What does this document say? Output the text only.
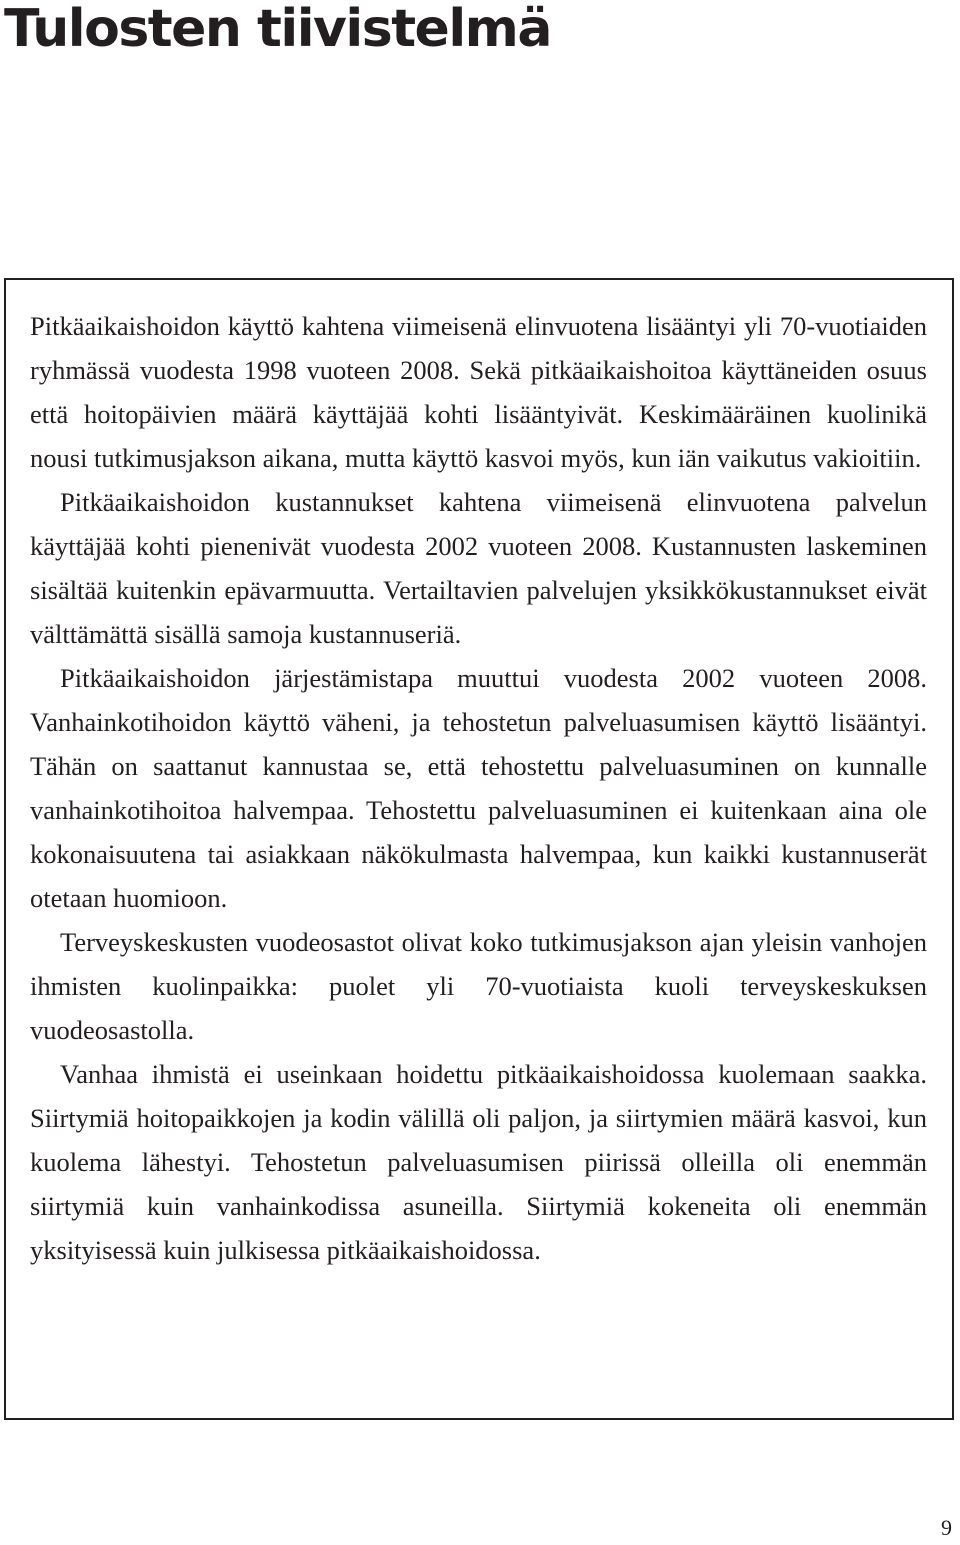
Tulosten tiivistelmä

Pitkäaikaishoidon käyttö kahtena viimeisenä elinvuotena lisääntyi yli 70-vuotiaiden ryhmässä vuodesta 1998 vuoteen 2008. Sekä pitkäaikaishoitoa käyttäneiden osuus että hoitopäivien määrä käyttäjää kohti lisääntyivät. Keskimääräinen kuolinikä nousi tutkimusjakson aikana, mutta käyttö kasvoi myös, kun iän vaikutus vakioitiin.

Pitkäaikaishoidon kustannukset kahtena viimeisenä elinvuotena palvelun käyttäjää kohti pienenivät vuodesta 2002 vuoteen 2008. Kustannusten laskeminen sisältää kuitenkin epävarmuutta. Vertailtavien palvelujen yksikkökustannukset eivät välttämättä sisällä samoja kustannuseriä.

Pitkäaikaishoidon järjestämistapa muuttui vuodesta 2002 vuoteen 2008. Vanhainkotihoidon käyttö väheni, ja tehostetun palveluasumisen käyttö lisääntyi. Tähän on saattanut kannustaa se, että tehostettu palveluasuminen on kunnalle vanhainkotihoitoa halvempaa. Tehostettu palveluasuminen ei kuitenkaan aina ole kokonaisuutena tai asiakkaan näkökulmasta halvempaa, kun kaikki kustannuserät otetaan huomioon.

Terveyskeskusten vuodeosastot olivat koko tutkimusjakson ajan yleisin vanhojen ihmisten kuolinpaikka: puolet yli 70-vuotiaista kuoli terveyskeskuksen vuodeosastolla.

Vanhaa ihmistä ei useinkaan hoidettu pitkäaikaishoidossa kuolemaan saakka. Siirtymiä hoitopaikkojen ja kodin välillä oli paljon, ja siirtymien määrä kasvoi, kun kuolema lähestyi. Tehostetun palveluasumisen piirissä olleilla oli enemmän siirtymiä kuin vanhainkodissa asuneilla. Siirtymiä kokeneita oli enemmän yksityisessä kuin julkisessa pitkäaikaishoidossa.

9
